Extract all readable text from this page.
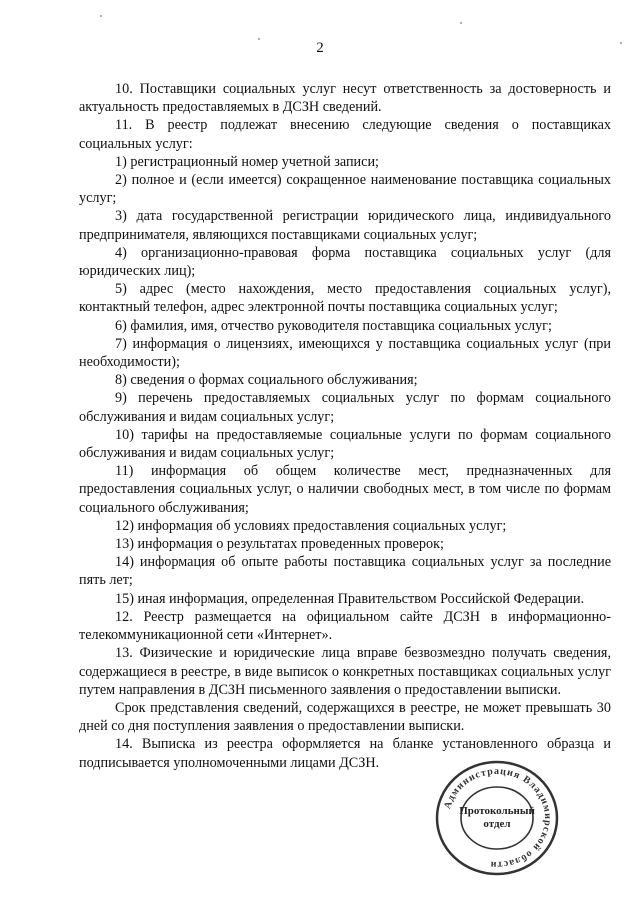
2

10. Поставщики социальных услуг несут ответственность за достоверность и актуальность предоставляемых в ДСЗН сведений.

11. В реестр подлежат внесению следующие сведения о поставщиках социальных услуг:

1) регистрационный номер учетной записи;

2) полное и (если имеется) сокращенное наименование поставщика социальных услуг;

3) дата государственной регистрации юридического лица, индивидуального предпринимателя, являющихся поставщиками социальных услуг;

4) организационно-правовая форма поставщика социальных услуг (для юридических лиц);

5) адрес (место нахождения, место предоставления социальных услуг), контактный телефон, адрес электронной почты поставщика социальных услуг;

6) фамилия, имя, отчество руководителя поставщика социальных услуг;

7) информация о лицензиях, имеющихся у поставщика социальных услуг (при необходимости);

8) сведения о формах социального обслуживания;

9) перечень предоставляемых социальных услуг по формам социального обслуживания и видам социальных услуг;

10) тарифы на предоставляемые социальные услуги по формам социального обслуживания и видам социальных услуг;

11) информация об общем количестве мест, предназначенных для предоставления социальных услуг, о наличии свободных мест, в том числе по формам социального обслуживания;

12) информация об условиях предоставления социальных услуг;

13) информация о результатах проведенных проверок;

14) информация об опыте работы поставщика социальных услуг за последние пять лет;

15) иная информация, определенная Правительством Российской Федерации.

12. Реестр размещается на официальном сайте ДСЗН в информационно-телекоммуникационной сети «Интернет».

13. Физические и юридические лица вправе безвозмездно получать сведения, содержащиеся в реестре, в виде выписок о конкретных поставщиках социальных услуг путем направления в ДСЗН письменного заявления о предоставлении выписки.

Срок представления сведений, содержащихся в реестре, не может превышать 30 дней со дня поступления заявления о предоставлении выписки.

14. Выписка из реестра оформляется на бланке установленного образца и подписывается уполномоченными лицами ДСЗН.

Администрация Владимирской области
Протокольный
отдел
